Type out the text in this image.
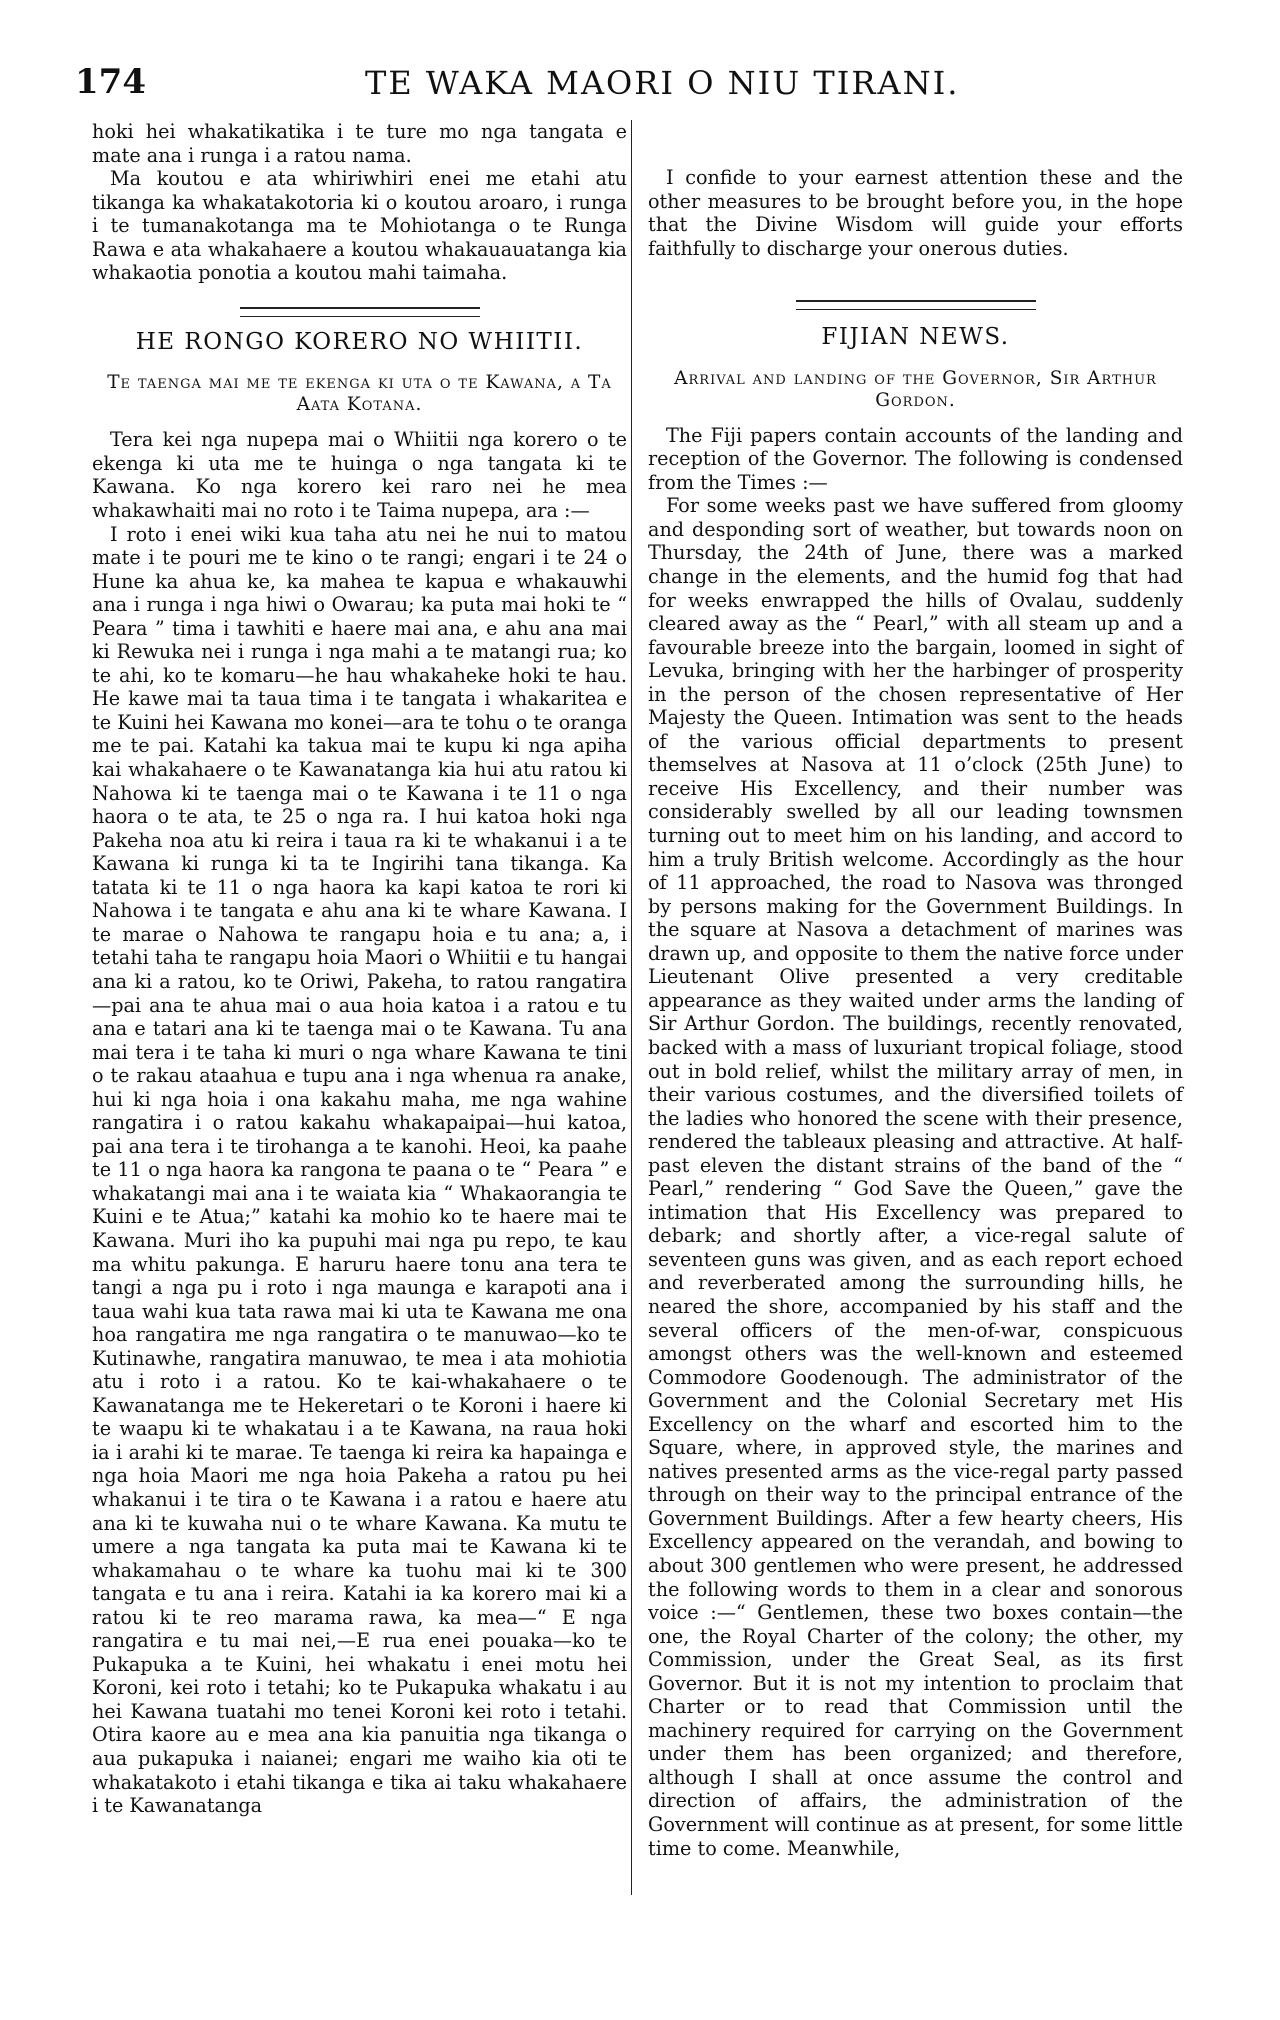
174	TE WAKA MAORI O NIU TIRANI.

hoki hei whakatikatika i te ture mo nga tangata e mate ana i runga i a ratou nama.

Ma koutou e ata whiriwhiri enei me etahi atu tikanga ka whakatakotoria ki o koutou aroaro, i runga i te tumanakotanga ma te Mohiotanga o te Runga Rawa e ata whakahaere a koutou whakauauatanga kia whakaotia ponotia a koutou mahi taimaha.

HE RONGO KORERO NO WHIITII.
Te taenga mai me te ekenga ki uta o te Kawana, a Ta Aata Kotana.

Tera kei nga nupepa mai o Whiitii nga korero o te ekenga ki uta me te huinga o nga tangata ki te Kawana. Ko nga korero kei raro nei he mea whakawhaiti mai no roto i te Taima nupepa, ara :—

I roto i enei wiki kua taha atu nei he nui to matou mate i te pouri me te kino o te rangi; engari i te 24 o Hune ka ahua ke, ka mahea te kapua e whakauwhi ana i runga i nga hiwi o Owarau; ka puta mai hoki te “ Peara ” tima i tawhiti e haere mai ana, e ahu ana mai ki Rewuka nei i runga i nga mahi a te matangi rua; ko te ahi, ko te komaru—he hau whakaheke hoki te hau. He kawe mai ta taua tima i te tangata i whakaritea e te Kuini hei Kawana mo konei—ara te tohu o te oranga me te pai. Katahi ka takua mai te kupu ki nga apiha kai whakahaere o te Kawanatanga kia hui atu ratou ki Nahowa ki te taenga mai o te Kawana i te 11 o nga haora o te ata, te 25 o nga ra. I hui katoa hoki nga Pakeha noa atu ki reira i taua ra ki te whakanui i a te Kawana ki runga ki ta te Ingirihi tana tikanga. Ka tatata ki te 11 o nga haora ka kapi katoa te rori ki Nahowa i te tangata e ahu ana ki te whare Kawana. I te marae o Nahowa te rangapu hoia e tu ana; a, i tetahi taha te rangapu hoia Maori o Whiitii e tu hangai ana ki a ratou, ko te Oriwi, Pakeha, to ratou rangatira—pai ana te ahua mai o aua hoia katoa i a ratou e tu ana e tatari ana ki te taenga mai o te Kawana. Tu ana mai tera i te taha ki muri o nga whare Kawana te tini o te rakau ataahua e tupu ana i nga whenua ra anake, hui ki nga hoia i ona kakahu maha, me nga wahine rangatira i o ratou kakahu whakapaipai—hui katoa, pai ana tera i te tirohanga a te kanohi. Heoi, ka paahe te 11 o nga haora ka rangona te paana o te “ Peara ” e whakatangi mai ana i te waiata kia “ Whakaorangia te Kuini e te Atua;” katahi ka mohio ko te haere mai te Kawana. Muri iho ka pupuhi mai nga pu repo, te kau ma whitu pakunga. E haruru haere tonu ana tera te tangi a nga pu i roto i nga maunga e karapoti ana i taua wahi kua tata rawa mai ki uta te Kawana me ona hoa rangatira me nga rangatira o te manuwao—ko te Kutinawhe, rangatira manuwao, te mea i ata mohiotia atu i roto i a ratou. Ko te kai-whakahaere o te Kawanatanga me te Hekeretari o te Koroni i haere ki te waapu ki te whakatau i a te Kawana, na raua hoki ia i arahi ki te marae. Te taenga ki reira ka hapainga e nga hoia Maori me nga hoia Pakeha a ratou pu hei whakanui i te tira o te Kawana i a ratou e haere atu ana ki te kuwaha nui o te whare Kawana. Ka mutu te umere a nga tangata ka puta mai te Kawana ki te whakamahau o te whare ka tuohu mai ki te 300 tangata e tu ana i reira. Katahi ia ka korero mai ki a ratou ki te reo marama rawa, ka mea—“ E nga rangatira e tu mai nei,—E rua enei pouaka—ko te Pukapuka a te Kuini, hei whakatu i enei motu hei Koroni, kei roto i tetahi; ko te Pukapuka whakatu i au hei Kawana tuatahi mo tenei Koroni kei roto i tetahi. Otira kaore au e mea ana kia panuitia nga tikanga o aua pukapuka i naianei; engari me waiho kia oti te whakatakoto i etahi tikanga e tika ai taku whakahaere i te Kawanatanga

I confide to your earnest attention these and the other measures to be brought before you, in the hope that the Divine Wisdom will guide your efforts faithfully to discharge your onerous duties.

FIJIAN NEWS.
Arrival and landing of the Governor, Sir Arthur Gordon.

The Fiji papers contain accounts of the landing and reception of the Governor. The following is condensed from the Times :—

For some weeks past we have suffered from gloomy and desponding sort of weather, but towards noon on Thursday, the 24th of June, there was a marked change in the elements, and the humid fog that had for weeks enwrapped the hills of Ovalau, suddenly cleared away as the “ Pearl,” with all steam up and a favourable breeze into the bargain, loomed in sight of Levuka, bringing with her the harbinger of prosperity in the person of the chosen representative of Her Majesty the Queen. Intimation was sent to the heads of the various official departments to present themselves at Nasova at 11 o’clock (25th June) to receive His Excellency, and their number was considerably swelled by all our leading townsmen turning out to meet him on his landing, and accord to him a truly British welcome. Accordingly as the hour of 11 approached, the road to Nasova was thronged by persons making for the Government Buildings. In the square at Nasova a detachment of marines was drawn up, and opposite to them the native force under Lieutenant Olive presented a very creditable appearance as they waited under arms the landing of Sir Arthur Gordon. The buildings, recently renovated, backed with a mass of luxuriant tropical foliage, stood out in bold relief, whilst the military array of men, in their various costumes, and the diversified toilets of the ladies who honored the scene with their presence, rendered the tableaux pleasing and attractive. At half-past eleven the distant strains of the band of the “ Pearl,” rendering “ God Save the Queen,” gave the intimation that His Excellency was prepared to debark; and shortly after, a vice-regal salute of seventeen guns was given, and as each report echoed and reverberated among the surrounding hills, he neared the shore, accompanied by his staff and the several officers of the men-of-war, conspicuous amongst others was the well-known and esteemed Commodore Goodenough. The administrator of the Government and the Colonial Secretary met His Excellency on the wharf and escorted him to the Square, where, in approved style, the marines and natives presented arms as the vice-regal party passed through on their way to the principal entrance of the Government Buildings. After a few hearty cheers, His Excellency appeared on the verandah, and bowing to about 300 gentlemen who were present, he addressed the following words to them in a clear and sonorous voice :—“ Gentlemen, these two boxes contain—the one, the Royal Charter of the colony; the other, my Commission, under the Great Seal, as its first Governor. But it is not my intention to proclaim that Charter or to read that Commission until the machinery required for carrying on the Government under them has been organized; and therefore, although I shall at once assume the control and direction of affairs, the administration of the Government will continue as at present, for some little time to come. Meanwhile,
